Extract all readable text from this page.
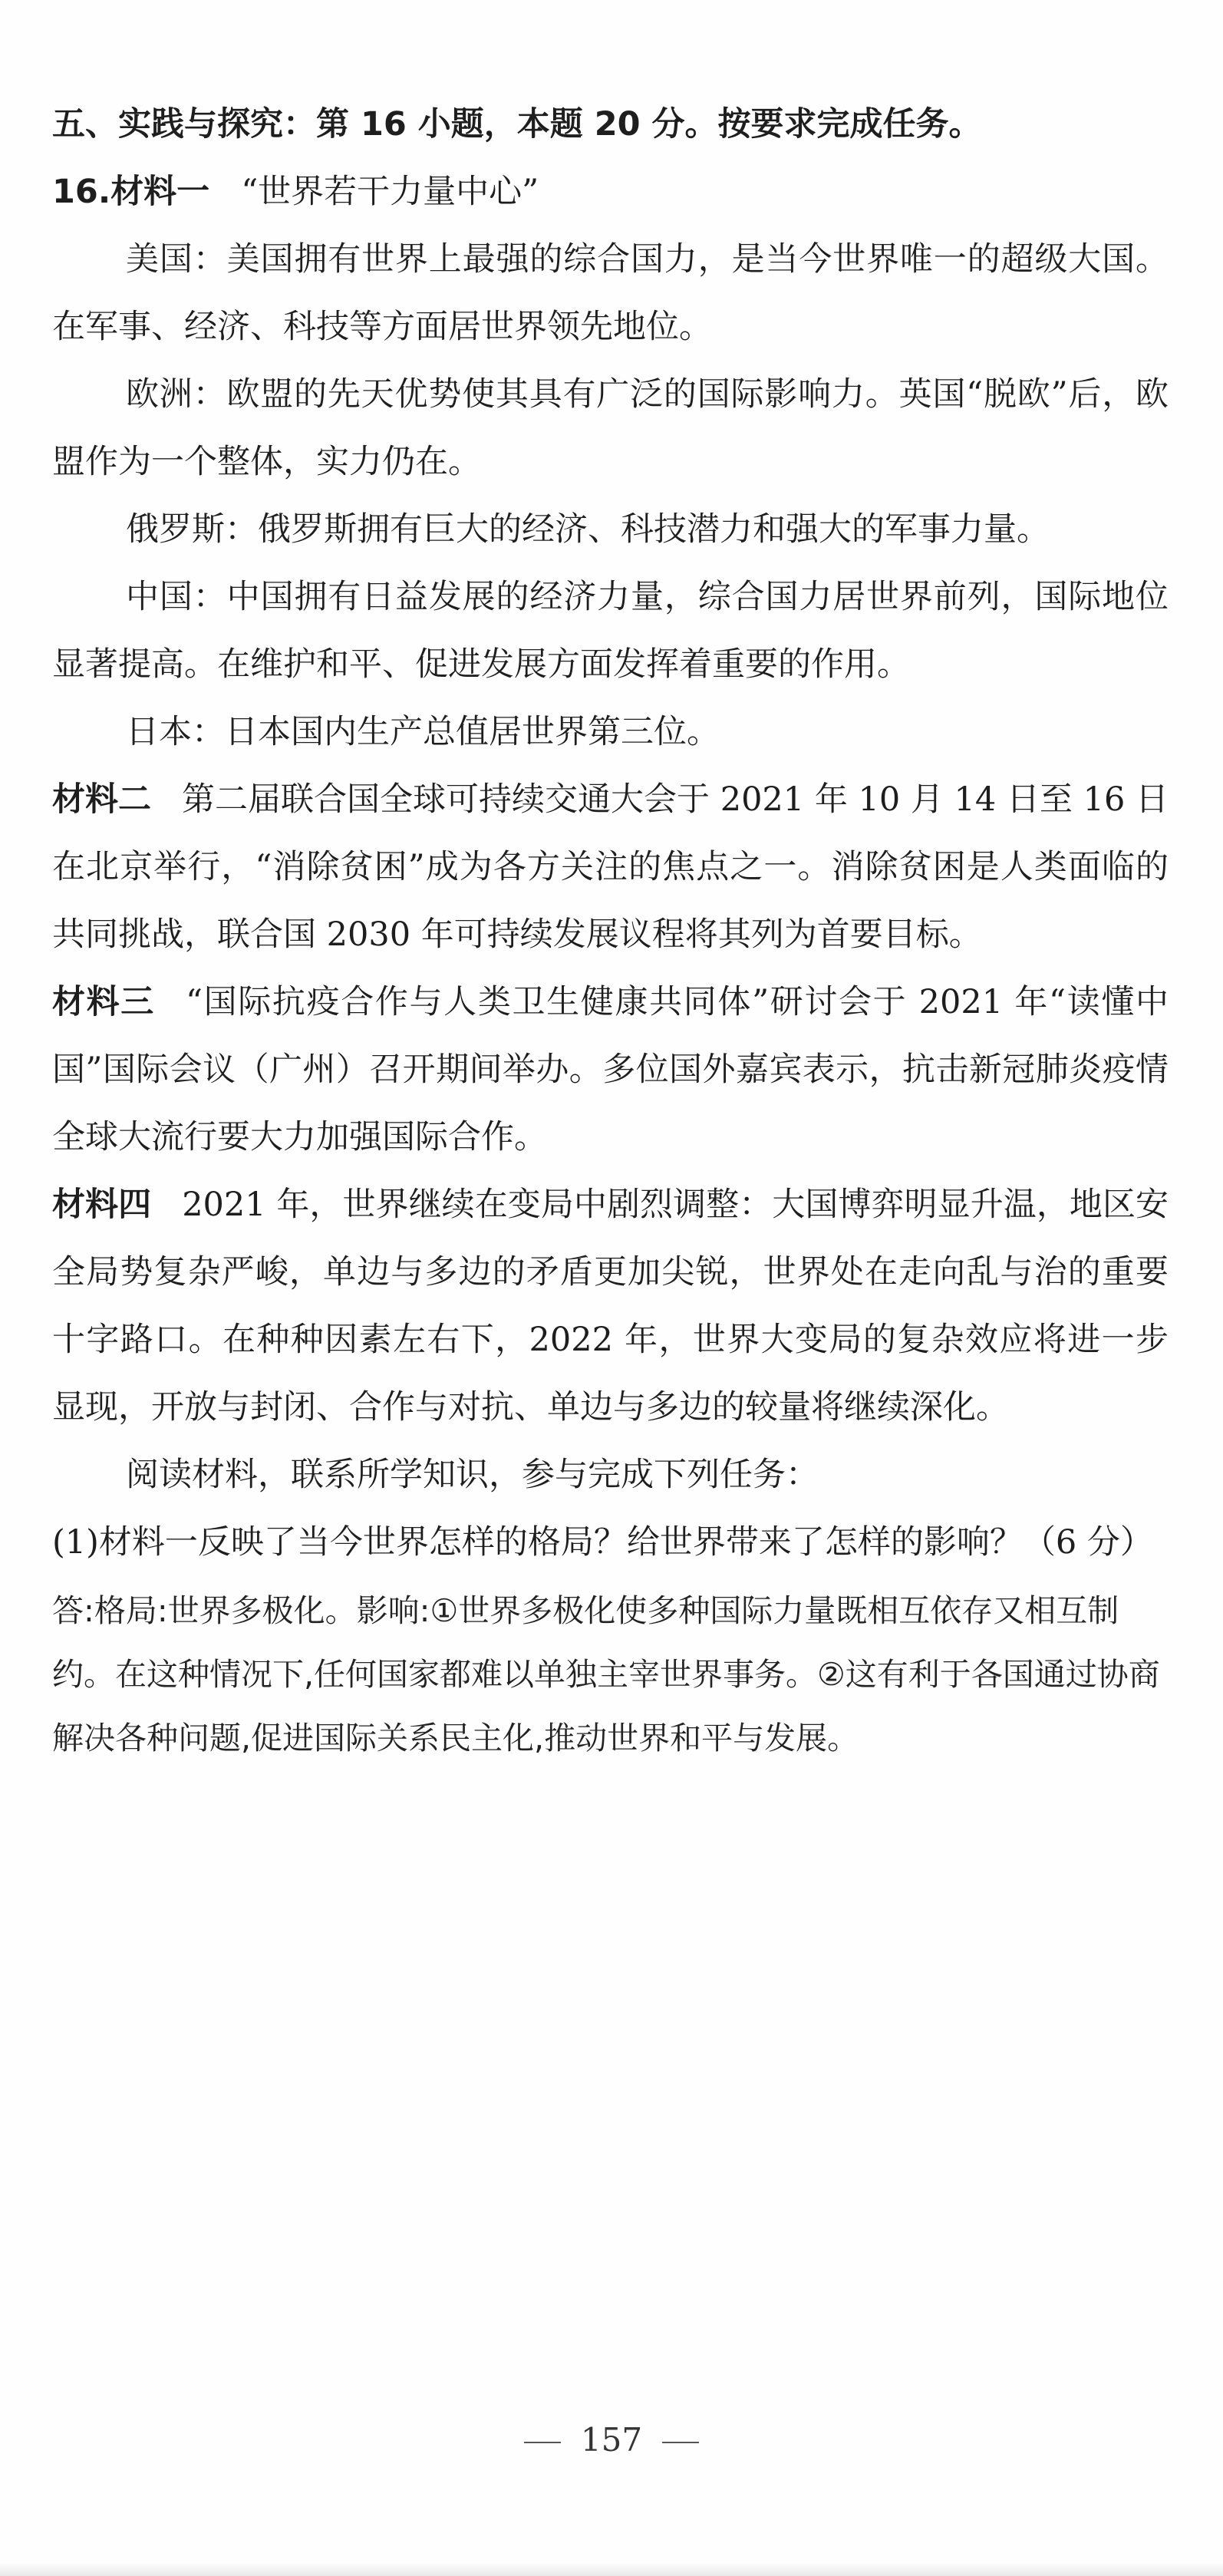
五、实践与探究：第 16 小题，本题 20 分。按要求完成任务。

16.材料一 “世界若干力量中心”

美国：美国拥有世界上最强的综合国力，是当今世界唯一的超级大国。在军事、经济、科技等方面居世界领先地位。

欧洲：欧盟的先天优势使其具有广泛的国际影响力。英国“脱欧”后，欧盟作为一个整体，实力仍在。

俄罗斯：俄罗斯拥有巨大的经济、科技潜力和强大的军事力量。

中国：中国拥有日益发展的经济力量，综合国力居世界前列，国际地位显著提高。在维护和平、促进发展方面发挥着重要的作用。

日本：日本国内生产总值居世界第三位。

材料二 第二届联合国全球可持续交通大会于 2021 年 10 月 14 日至 16 日在北京举行，“消除贫困”成为各方关注的焦点之一。消除贫困是人类面临的共同挑战，联合国 2030 年可持续发展议程将其列为首要目标。

材料三 “国际抗疫合作与人类卫生健康共同体”研讨会于 2021 年“读懂中国”国际会议（广州）召开期间举办。多位国外嘉宾表示，抗击新冠肺炎疫情全球大流行要大力加强国际合作。

材料四 2021 年，世界继续在变局中剧烈调整：大国博弈明显升温，地区安全局势复杂严峻，单边与多边的矛盾更加尖锐，世界处在走向乱与治的重要十字路口。在种种因素左右下，2022 年，世界大变局的复杂效应将进一步显现，开放与封闭、合作与对抗、单边与多边的较量将继续深化。

阅读材料，联系所学知识，参与完成下列任务：

(1)材料一反映了当今世界怎样的格局？给世界带来了怎样的影响？（6 分）

答:格局:世界多极化。影响:①世界多极化使多种国际力量既相互依存又相互制约。在这种情况下,任何国家都难以单独主宰世界事务。②这有利于各国通过协商解决各种问题,促进国际关系民主化,推动世界和平与发展。

157
